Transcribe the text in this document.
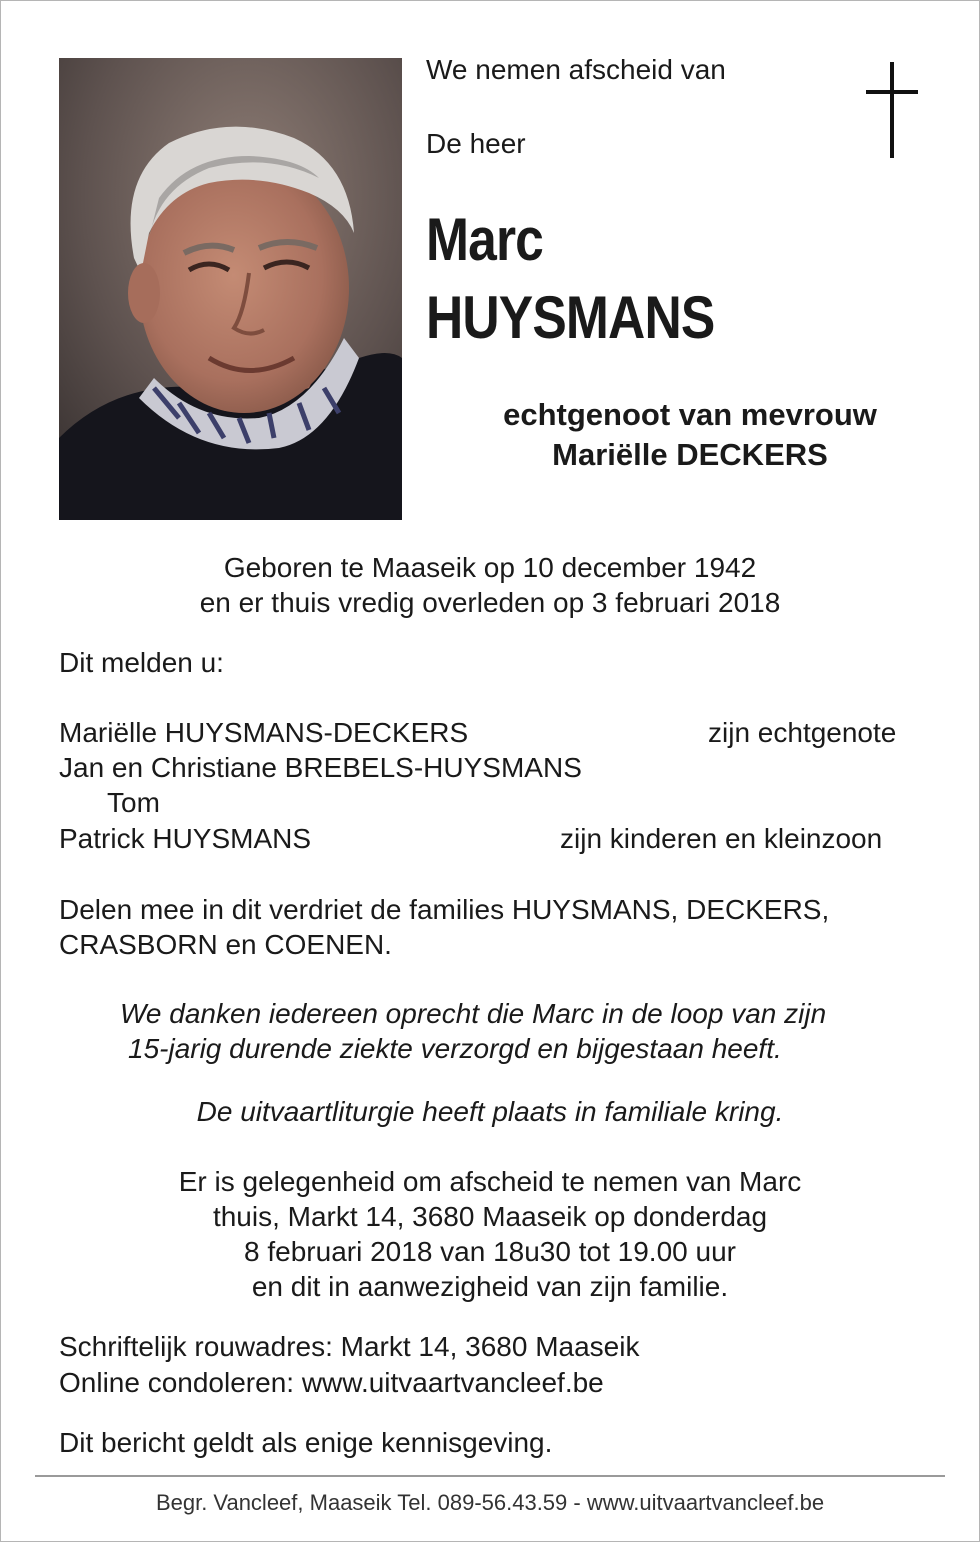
We nemen afscheid van
De heer
Marc
HUYSMANS
echtgenoot van mevrouw
Mariëlle DECKERS
Geboren te Maaseik op 10 december 1942
en er thuis vredig overleden op 3 februari 2018
Dit melden u:
Mariëlle HUYSMANS-DECKERS	zijn echtgenote
Jan en Christiane BREBELS-HUYSMANS
Tom
Patrick HUYSMANS	zijn kinderen en kleinzoon
Delen mee in dit verdriet de families HUYSMANS, DECKERS,
CRASBORN en COENEN.
We danken iedereen oprecht die Marc in de loop van zijn
15-jarig durende ziekte verzorgd en bijgestaan heeft.
De uitvaartliturgie heeft plaats in familiale kring.
Er is gelegenheid om afscheid te nemen van Marc
thuis, Markt 14, 3680 Maaseik op donderdag
8 februari 2018 van 18u30 tot 19.00 uur
en dit in aanwezigheid van zijn familie.
Schriftelijk rouwadres: Markt 14, 3680 Maaseik
Online condoleren: www.uitvaartvancleef.be
Dit bericht geldt als enige kennisgeving.
Begr. Vancleef, Maaseik Tel. 089-56.43.59 - www.uitvaartvancleef.be
